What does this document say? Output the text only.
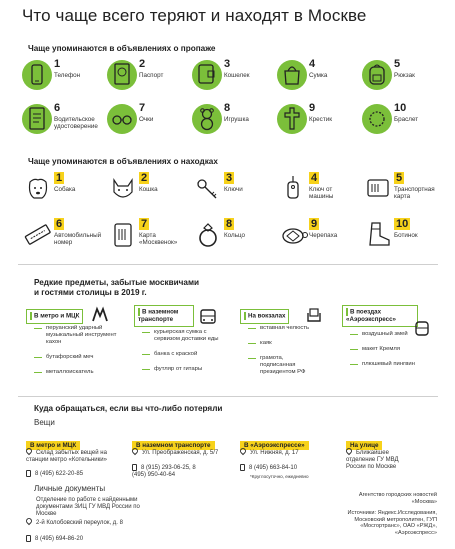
Что чаще всего теряют и находят в Москве
Чаще упоминаются в объявлениях о пропаже
1
Телефон
2
Паспорт
3
Кошелек
4
Сумка
5
Рюкзак
6
Водительское удостоверение
7
Очки
8
Игрушка
9
Крестик
10
Браслет
Чаще упоминаются в объявлениях о находках
1
Собака
2
Кошка
3
Ключи
4
Ключ от машины
5
Транспортная карта
6
Автомобильный номер
7
Карта «Москвенок»
8
Кольцо
9
Черепаха
10
Ботинок
Редкие предметы, забытые москвичами и гостями столицы в 2019 г.
В метро и МЦК
перуанский ударный музыкальный инструмент кахон
бутафорский меч
металлоискатель
В наземном транспорте
курьерская сумка с сервизом доставки еды
банка с краской
футляр от гитары
На вокзалах
вставная челюсть
каяк
грамота, подписанная президентом РФ
В поездах «Аэроэкспресс»
воздушный змей
макет Кремля
плюшевый пингвин
Куда обращаться, если вы что-либо потеряли
Вещи
В метро и МЦК
Склад забытых вещей на станции метро «Котельники»
8 (495) 622-20-85
В наземном транспорте
Ул. Преображенская, д. 5/7
8 (915) 293-06-25, 8 (495) 950-40-64
В «Аэроэкспрессе»
Ул. Нижняя, д. 17
8 (495) 663-84-10
*Круглосуточно, ежедневно
На улице
Ближайшее отделение ГУ МВД России по Москве
Личные документы
Отделение по работе с найденными документами ЗИЦ ГУ МВД России по Москве
2-й Колобовский переулок, д. 8
8 (495) 694-86-20
Агентство городских новостей «Москва»
Источники: Яндекс.Исследования, Московский метрополитен, ГУП «Мосгортранс», ОАО «РЖД», «Аэроэкспресс»
